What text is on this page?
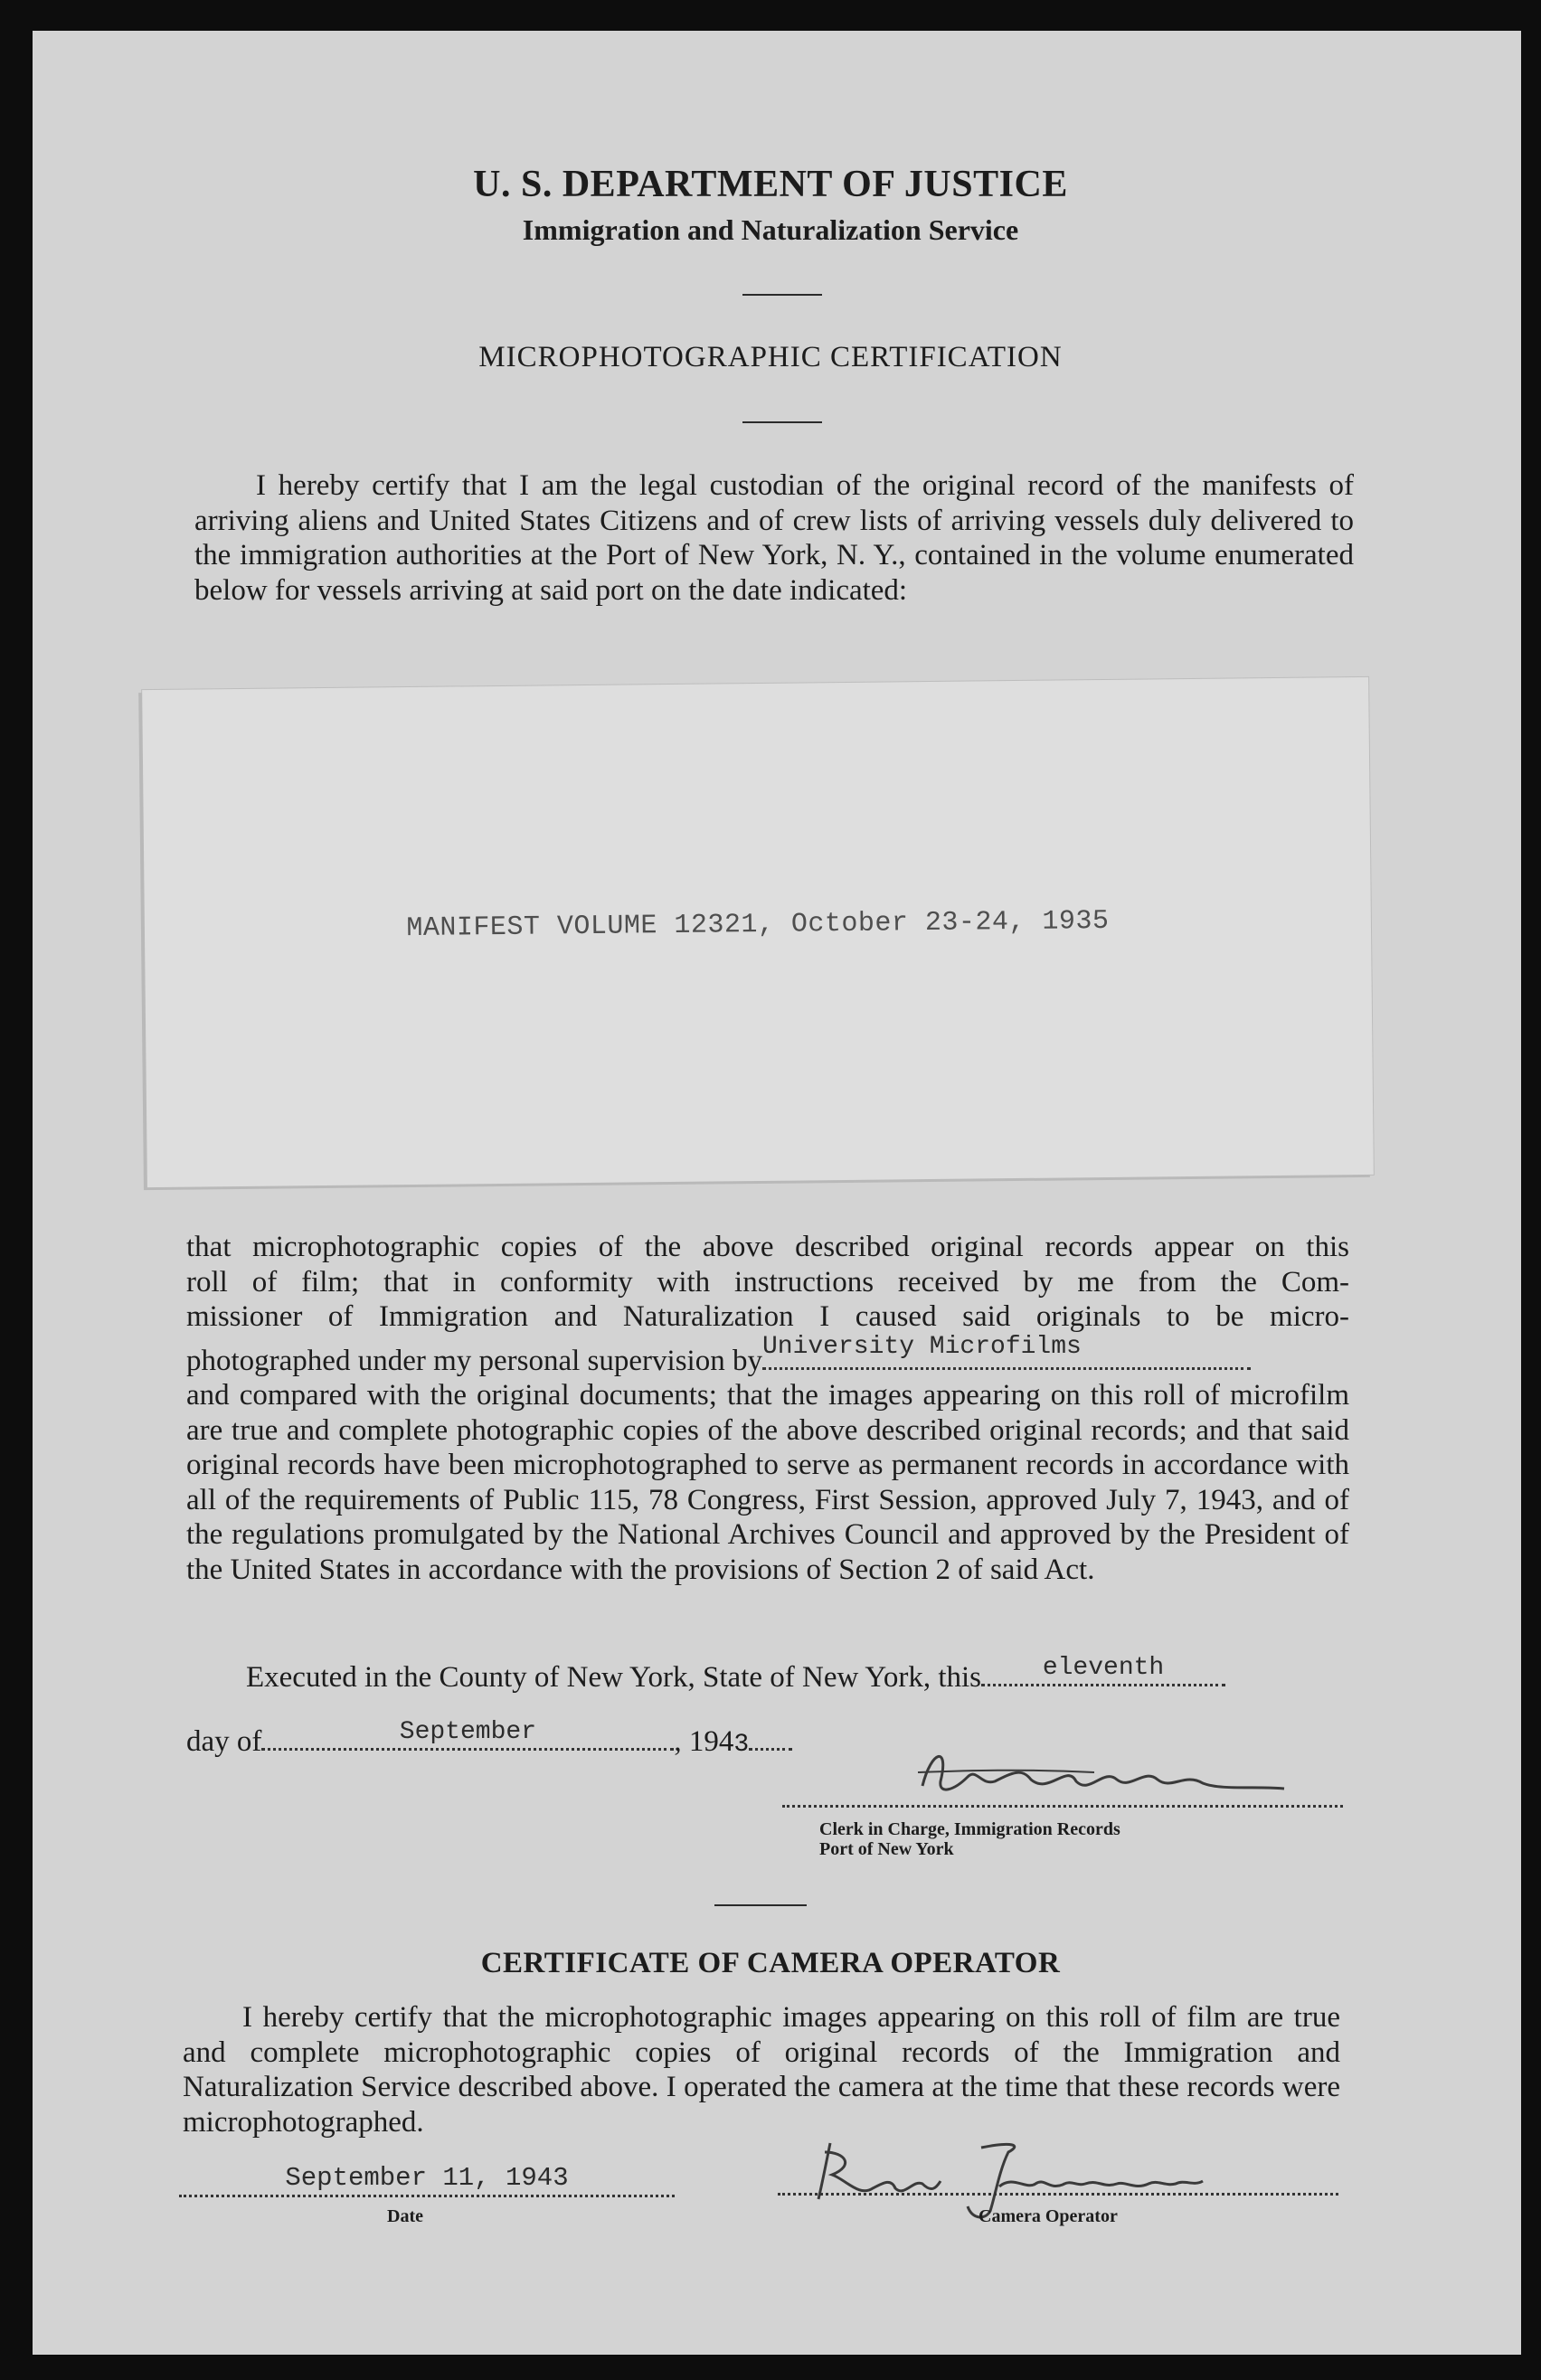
U. S. DEPARTMENT OF JUSTICE
Immigration and Naturalization Service
MICROPHOTOGRAPHIC CERTIFICATION
I hereby certify that I am the legal custodian of the original record of the manifests of arriving aliens and United States Citizens and of crew lists of arriving vessels duly delivered to the immigration authorities at the Port of New York, N. Y., contained in the volume enumerated below for vessels arriving at said port on the date indicated:
MANIFEST VOLUME 12321, October 23-24, 1935
that microphotographic copies of the above described original records appear on this
roll of film; that in conformity with instructions received by me from the Com-
missioner of Immigration and Naturalization I caused said originals to be micro-
photographed under my personal supervision by University Microfilms
and compared with the original documents; that the images appearing on this roll of microfilm are true and complete photographic copies of the above described original records; and that said original records have been microphotographed to serve as permanent records in accordance with all of the requirements of Public 115, 78 Congress, First Session, approved July 7, 1943, and of the regulations promulgated by the National Archives Council and approved by the President of the United States in accordance with the provisions of Section 2 of said Act.
Executed in the County of New York, State of New York, this	eleventh
day of	September	, 1943
Clerk in Charge, Immigration Records
Port of New York
CERTIFICATE OF CAMERA OPERATOR
I hereby certify that the microphotographic images appearing on this roll of film are true and complete microphotographic copies of original records of the Immigration and Naturalization Service described above. I operated the camera at the time that these records were microphotographed.
September 11, 1943
Date	Camera Operator
